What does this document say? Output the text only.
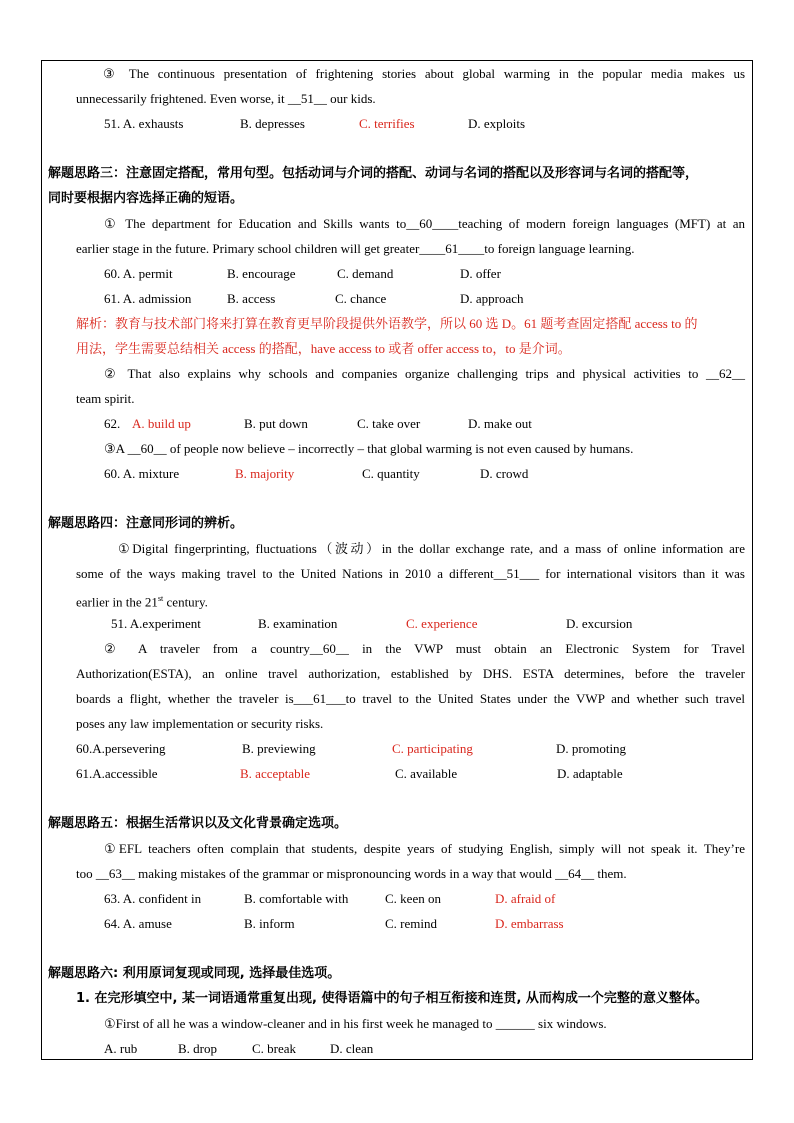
③ The continuous presentation of frightening stories about global warming in the popular media makes us
unnecessarily frightened. Even worse, it __51__ our kids.
51. A. exhausts	B. depresses	C. terrifies	D. exploits
解题思路三：注意固定搭配，常用句型。包括动词与介词的搭配、动词与名词的搭配以及形容词与名词的搭配等，
同时要根据内容选择正确的短语。
① The department for Education and Skills wants to__60____teaching of modern foreign languages (MFT) at an
earlier stage in the future. Primary school children will get greater____61____to foreign language learning.
60. A. permit	B. encourage	C. demand	D. offer
61. A. admission	B. access	C. chance	D. approach
解析：教育与技术部门将来打算在教育更早阶段提供外语教学，所以 60 选 D。61 题考查固定搭配 access to 的
用法，学生需要总结相关 access 的搭配，have access to 或者 offer access to，to 是介词。
② That also explains why schools and companies organize challenging trips and physical activities to __62__
team spirit.
62. A. build up	B. put down	C. take over	D. make out
③A __60__ of people now believe – incorrectly – that global warming is not even caused by humans.
60. A. mixture	B. majority	C. quantity	D. crowd
解题思路四：注意同形词的辨析。
①Digital fingerprinting, fluctuations（波动）in the dollar exchange rate, and a mass of online information are
some of the ways making travel to the United Nations in 2010 a different__51___ for international visitors than it was
earlier in the 21st century.
51. A.experiment	B. examination	C. experience	D. excursion
② A traveler from a country__60__ in the VWP must obtain an Electronic System for Travel
Authorization(ESTA), an online travel authorization, established by DHS. ESTA determines, before the traveler
boards a flight, whether the traveler is___61___to travel to the United States under the VWP and whether such travel
poses any law implementation or security risks.
60.A.persevering	B. previewing	C. participating	D. promoting
61.A.accessible	B. acceptable	C. available	D. adaptable
解题思路五：根据生活常识以及文化背景确定选项。
①EFL teachers often complain that students, despite years of studying English, simply will not speak it. They’re
too __63__ making mistakes of the grammar or mispronouncing words in a way that would __64__ them.
63. A. confident in	B. comfortable with	C. keen on	D. afraid of
64. A. amuse	B. inform	C. remind	D. embarrass
解题思路六: 利用原词复现或同现, 选择最佳选项。
1. 在完形填空中, 某一词语通常重复出现, 使得语篇中的句子相互衔接和连贯, 从而构成一个完整的意义整体。
①First of all he was a window-cleaner and in his first week he managed to ______ six windows.
A. rub	B. drop	C. break	D. clean
